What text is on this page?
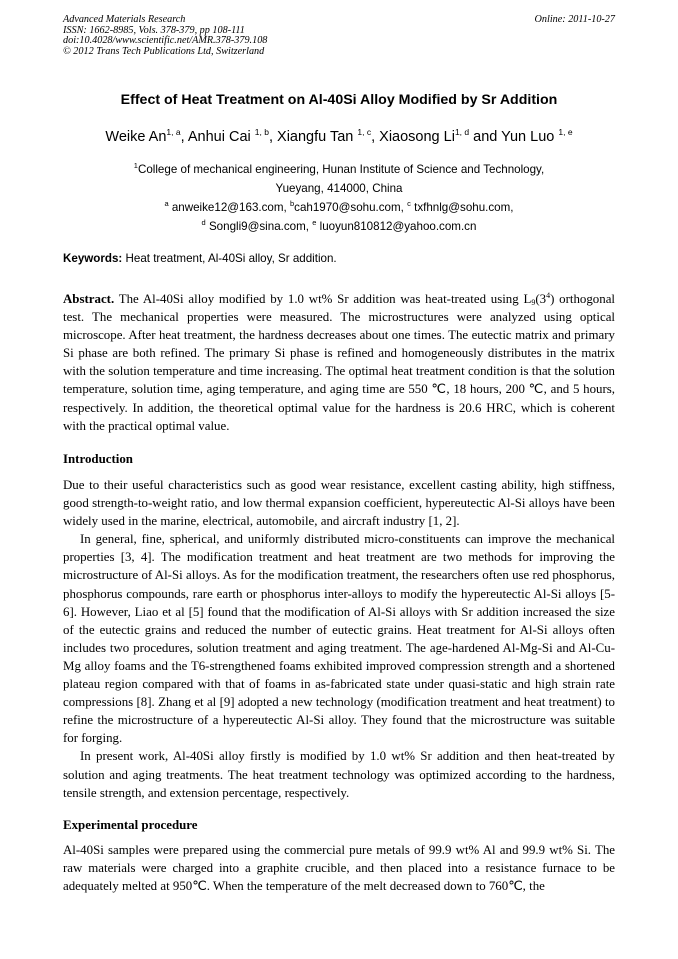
Advanced Materials Research
ISSN: 1662-8985, Vols. 378-379, pp 108-111
doi:10.4028/www.scientific.net/AMR.378-379.108
© 2012 Trans Tech Publications Ltd, Switzerland
Online: 2011-10-27
Effect of Heat Treatment on Al-40Si Alloy Modified by Sr Addition
Weike An$^{1, a}$, Anhui Cai $^{1, b}$, Xiangfu Tan $^{1, c}$, Xiaosong Li$^{1, d}$ and Yun Luo $^{1, e}$
$^1$College of mechanical engineering, Hunan Institute of Science and Technology,
Yueyang, 414000, China
$^a$ anweike12@163.com, $^b$cah1970@sohu.com, $^c$ txfhnlg@sohu.com,
$^d$ Songli9@sina.com, $^e$ luoyun810812@yahoo.com.cn
Keywords: Heat treatment, Al-40Si alloy, Sr addition.
Abstract. The Al-40Si alloy modified by 1.0 wt% Sr addition was heat-treated using $L_9(3^4)$ orthogonal test. The mechanical properties were measured. The microstructures were analyzed using optical microscope. After heat treatment, the hardness decreases about one times. The eutectic matrix and primary Si phase are both refined. The primary Si phase is refined and homogeneously distributes in the matrix with the solution temperature and time increasing. The optimal heat treatment condition is that the solution temperature, solution time, aging temperature, and aging time are 550 ℃, 18 hours, 200 ℃, and 5 hours, respectively. In addition, the theoretical optimal value for the hardness is 20.6 HRC, which is coherent with the practical optimal value.
Introduction

Due to their useful characteristics such as good wear resistance, excellent casting ability, high stiffness, good strength-to-weight ratio, and low thermal expansion coefficient, hypereutectic Al-Si alloys have been widely used in the marine, electrical, automobile, and aircraft industry [1, 2].

In general, fine, spherical, and uniformly distributed micro-constituents can improve the mechanical properties [3, 4]. The modification treatment and heat treatment are two methods for improving the microstructure of Al-Si alloys. As for the modification treatment, the researchers often use red phosphorus, phosphorus compounds, rare earth or phosphorus inter-alloys to modify the hypereutectic Al-Si alloys [5-6]. However, Liao et al [5] found that the modification of Al-Si alloys with Sr addition increased the size of the eutectic grains and reduced the number of eutectic grains. Heat treatment for Al-Si alloys often includes two procedures, solution treatment and aging treatment. The age-hardened Al-Mg-Si and Al-Cu-Mg alloy foams and the T6-strengthened foams exhibited improved compression strength and a shortened plateau region compared with that of foams in as-fabricated state under quasi-static and high strain rate compressions [8]. Zhang et al [9] adopted a new technology (modification treatment and heat treatment) to refine the microstructure of a hypereutectic Al-Si alloy. They found that the microstructure was suitable for forging.

In present work, Al-40Si alloy firstly is modified by 1.0 wt% Sr addition and then heat-treated by solution and aging treatments. The heat treatment technology was optimized according to the hardness, tensile strength, and extension percentage, respectively.

Experimental procedure

Al-40Si samples were prepared using the commercial pure metals of 99.9 wt% Al and 99.9 wt% Si. The raw materials were charged into a graphite crucible, and then placed into a resistance furnace to be adequately melted at 950℃. When the temperature of the melt decreased down to 760℃, the
